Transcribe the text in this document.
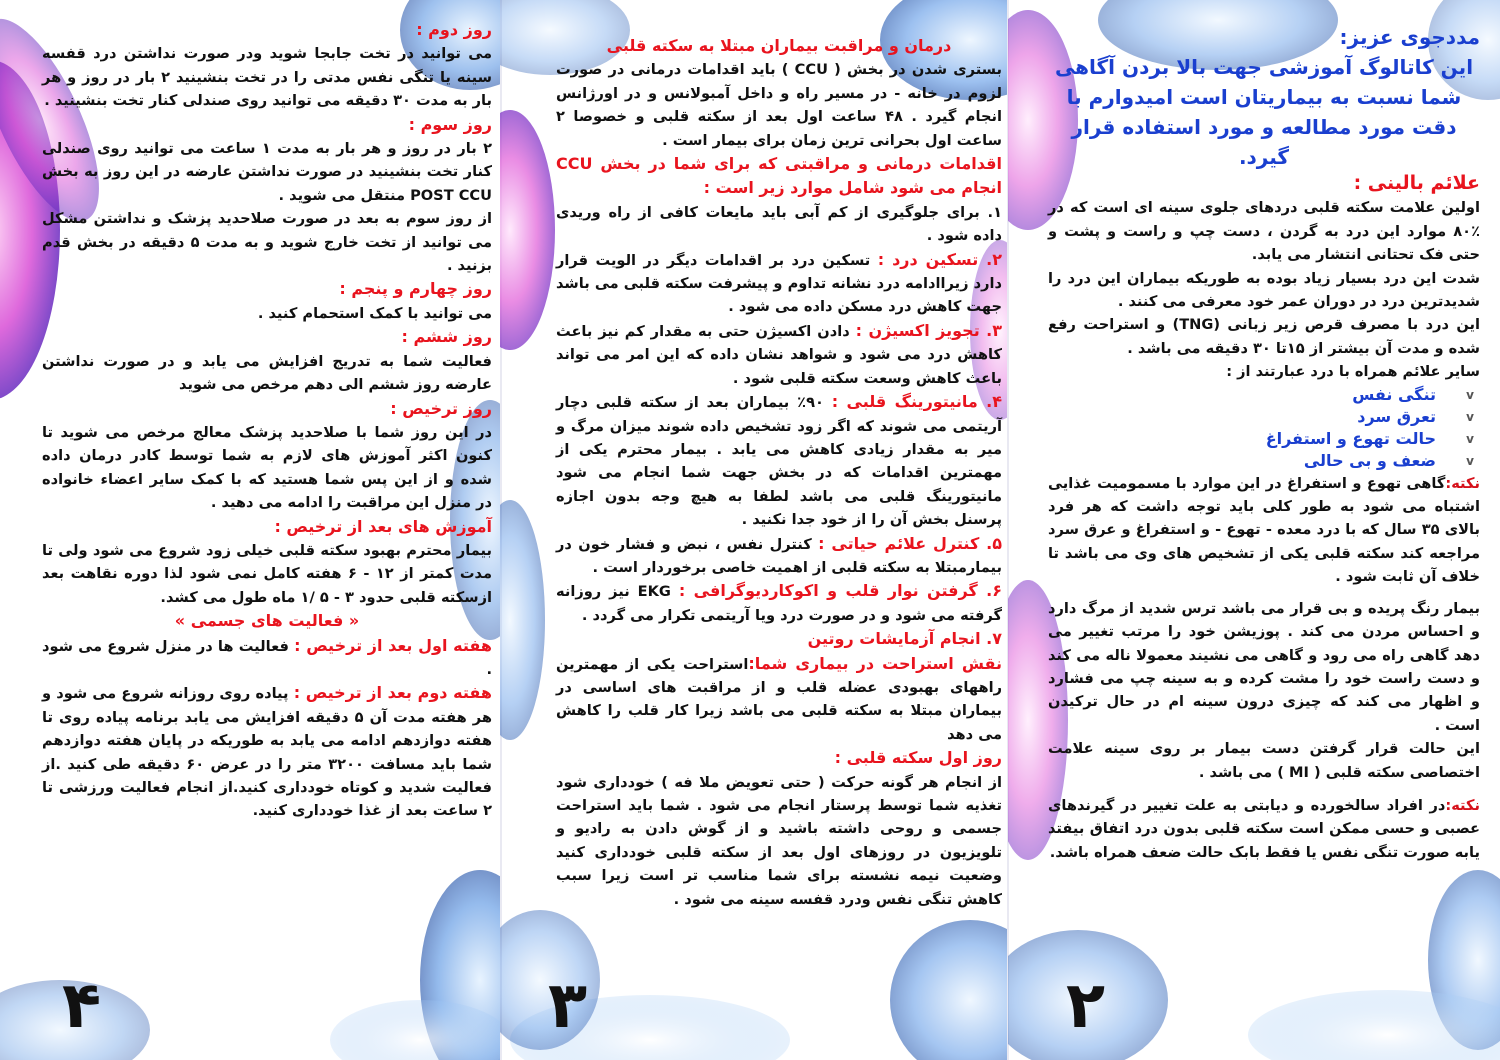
روز دوم :

می توانید در تخت جابجا شوید ودر صورت نداشتن درد قفسه سینه یا تنگی نفس مدتی را در تخت بنشینید ۲ بار در روز و هر بار به مدت ۳۰ دقیقه می توانید روی صندلی کنار تخت بنشینید .

روز سوم :

۲ بار در روز و هر بار به مدت ۱ ساعت می توانید روی صندلی کنار تخت بنشینید در صورت نداشتن عارضه در این روز به بخش POST CCU منتقل می شوید .

از روز سوم به بعد در صورت صلاحدید پزشک و نداشتن مشکل می توانید از تخت خارج شوید و به مدت ۵ دقیقه در بخش قدم بزنید .

روز چهارم و پنجم :

می توانید با کمک استحمام کنید .

روز ششم :

فعالیت شما به تدریج افزایش می یابد و در صورت نداشتن عارضه روز ششم الی دهم مرخص می شوید

روز ترخیص :

در این روز شما با صلاحدید پزشک معالج مرخص می شوید تا کنون اکثر آموزش های لازم به شما توسط کادر درمان داده شده و از این پس شما هستید که با کمک سایر اعضاء خانواده در منزل این مراقبت را ادامه می دهید .

آموزش های بعد از ترخیص :

بیمار محترم بهبود سکته قلبی خیلی زود شروع می شود ولی تا مدت کمتر از ۱۲ - ۶ هفته کامل نمی شود لذا دوره نقاهت بعد ازسکته قلبی حدود ۳ - ۵ /۱ ماه طول می کشد.

« فعالیت های جسمی »

هفته اول بعد از ترخیص : فعالیت ها در منزل شروع می شود .

هفته دوم بعد از ترخیص : پیاده روی روزانه شروع می شود و هر هفته مدت آن ۵ دقیقه افزایش می یابد برنامه پیاده روی تا هفته دوازدهم ادامه می یابد به طوریکه در پایان هفته دوازدهم شما باید مسافت ۳۲۰۰ متر را در عرض ۶۰ دقیقه طی کنید .از فعالیت شدید و کوتاه خودداری کنید.از انجام فعالیت ورزشی تا ۲ ساعت بعد از غذا خودداری کنید.

۴

درمان و مراقبت بیماران مبتلا به سکته قلبی

بستری شدن در بخش ( CCU ) باید اقدامات درمانی در صورت لزوم در خانه - در مسیر راه و داخل آمبولانس و در اورژانس انجام گیرد . ۴۸ ساعت اول بعد از سکته قلبی و خصوصا ۲ ساعت اول بحرانی ترین زمان برای بیمار است .

اقدامات درمانی و مراقبتی که برای شما در بخش CCU انجام می شود شامل موارد زیر است :

۱. برای جلوگیری از کم آبی باید مایعات کافی از راه وریدی داده شود .

۲. تسکین درد : تسکین درد بر اقدامات دیگر در الویت قرار دارد زیراادامه درد نشانه تداوم و پیشرفت سکته قلبی می باشد جهت کاهش درد مسکن داده می شود .

۳. تجویز اکسیژن : دادن اکسیژن حتی به مقدار کم نیز باعث کاهش درد می شود و شواهد نشان داده که این امر می تواند باعث کاهش وسعت سکته قلبی شود .

۴. مانیتورینگ قلبی : ۹۰٪ بیماران بعد از سکته قلبی دچار آریتمی می شوند که اگر زود تشخیص داده شوند میزان مرگ و میر به مقدار زیادی کاهش می یابد . بیمار محترم یکی از مهمترین اقدامات که در بخش جهت شما انجام می شود مانیتورینگ قلبی می باشد لطفا به هیچ وجه بدون اجازه پرسنل بخش آن را از خود جدا نکنید .

۵. کنترل علائم حیاتی : کنترل نفس ، نبض و فشار خون در بیمارمبتلا به سکته قلبی از اهمیت خاصی برخوردار است .

۶. گرفتن نوار قلب و اکوکاردیوگرافی : EKG نیز روزانه گرفته می شود و در صورت درد ویا آریتمی تکرار می گردد .

۷. انجام آزمایشات روتین

نقش استراحت در بیماری شما:استراحت یکی از مهمترین راههای بهبودی عضله قلب و از مراقبت های اساسی در بیماران مبتلا به سکته قلبی می باشد زیرا کار قلب را کاهش می دهد

روز اول سکته قلبی :

از انجام هر گونه حرکت ( حتی تعویض ملا فه ) خودداری شود تغذیه شما توسط پرستار انجام می شود . شما باید استراحت جسمی و روحی داشته باشید و از گوش دادن به رادیو و تلویزیون در روزهای اول بعد از سکته قلبی خودداری کنید وضعیت نیمه نشسته برای شما مناسب تر است زیرا سبب کاهش تنگی نفس ودرد قفسه سینه می شود .

۳

مددجوی عزیز:

این کاتالوگ آموزشی جهت بالا بردن آگاهی شما نسبت به بیماریتان است امیدوارم با دقت مورد مطالعه و مورد استفاده قرار گیرد.

علائم بالینی :

اولین علامت سکته قلبی دردهای جلوی سینه ای است که در ٪۸۰ موارد این درد به گردن ، دست چپ و راست و پشت و حتی فک تحتانی انتشار می یابد.

شدت این درد بسیار زیاد بوده به طوریکه بیماران این درد را شدیدترین درد در دوران عمر خود معرفی می کنند .

این درد با مصرف قرص زیر زبانی (TNG) و استراحت رفع شده و مدت آن بیشتر از ۱۵تا ۳۰ دقیقه می باشد .

سایر علائم همراه با درد عبارتند از :

v
تنگی نفس
v
تعرق سرد
v
حالت تهوع و استفراغ
v
ضعف و بی حالی

نکته:گاهی تهوع و استفراغ در این موارد با مسمومیت غذایی اشتباه می شود به طور کلی باید توجه داشت که هر فرد بالای ۳۵ سال که با درد معده - تهوع - و استفراغ و عرق سرد مراجعه کند سکته قلبی یکی از تشخیص های وی می باشد تا خلاف آن ثابت شود .

بیمار رنگ پریده و بی قرار می باشد ترس شدید از مرگ دارد و احساس مردن می کند . پوزیشن خود را مرتب تغییر می دهد گاهی راه می رود و گاهی می نشیند معمولا ناله می کند و دست راست خود را مشت کرده و به سینه چپ می فشارد و اظهار می کند که چیزی درون سینه ام در حال ترکیدن است .

این حالت قرار گرفتن دست بیمار بر روی سینه علامت اختصاصی سکته قلبی ( MI ) می باشد .

نکته:در افراد سالخورده و دیابتی به علت تغییر در گیرندهای عصبی و حسی ممکن است سکته قلبی بدون درد اتفاق بیفتد یابه صورت تنگی نفس یا فقط بابک حالت ضعف همراه باشد.

۲
